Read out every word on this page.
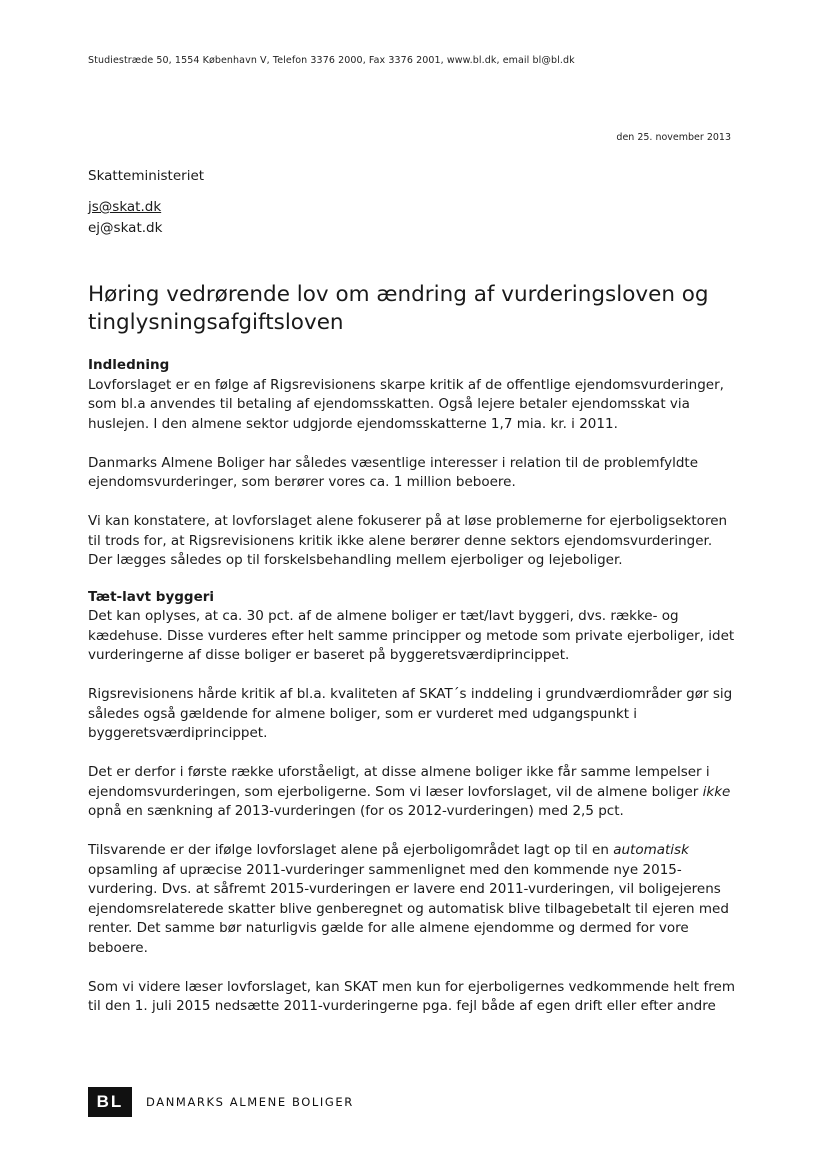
Studiestræde 50, 1554 København V, Telefon 3376 2000, Fax 3376 2001, www.bl.dk, email bl@bl.dk
den 25. november 2013
Skatteministeriet
js@skat.dk
ej@skat.dk
Høring vedrørende lov om ændring af vurderingsloven og tinglysningsafgiftsloven
Indledning

Lovforslaget er en følge af Rigsrevisionens skarpe kritik af de offentlige ejendomsvurderinger, som bl.a anvendes til betaling af ejendomsskatten. Også lejere betaler ejendomsskat via huslejen. I den almene sektor udgjorde ejendomsskatterne 1,7 mia. kr. i 2011.

Danmarks Almene Boliger har således væsentlige interesser i relation til de problemfyldte ejendomsvurderinger, som berører vores ca. 1 million beboere.

Vi kan konstatere, at lovforslaget alene fokuserer på at løse problemerne for ejerboligsektoren til trods for, at Rigsrevisionens kritik ikke alene berører denne sektors ejendomsvurderinger. Der lægges således op til forskelsbehandling mellem ejerboliger og lejeboliger.

Tæt-lavt byggeri

Det kan oplyses, at ca. 30 pct. af de almene boliger er tæt/lavt byggeri, dvs. række- og kædehuse. Disse vurderes efter helt samme principper og metode som private ejerboliger, idet vurderingerne af disse boliger er baseret på byggeretsværdiprincippet.

Rigsrevisionens hårde kritik af bl.a. kvaliteten af SKAT´s inddeling i grundværdiområder gør sig således også gældende for almene boliger, som er vurderet med udgangspunkt i byggeretsværdiprincippet.

Det er derfor i første række uforståeligt, at disse almene boliger ikke får samme lempelser i ejendomsvurderingen, som ejerboligerne. Som vi læser lovforslaget, vil de almene boliger ikke opnå en sænkning af 2013-vurderingen (for os 2012-vurderingen) med 2,5 pct.

Tilsvarende er der ifølge lovforslaget alene på ejerboligområdet lagt op til en automatisk opsamling af upræcise 2011-vurderinger sammenlignet med den kommende nye 2015-vurdering. Dvs. at såfremt 2015-vurderingen er lavere end 2011-vurderingen, vil boligejerens ejendomsrelaterede skatter blive genberegnet og automatisk blive tilbagebetalt til ejeren med renter. Det samme bør naturligvis gælde for alle almene ejendomme og dermed for vore beboere.

Som vi videre læser lovforslaget, kan SKAT men kun for ejerboligernes vedkommende helt frem til den 1. juli 2015 nedsætte 2011-vurderingerne pga. fejl både af egen drift eller efter andre

BL	DANMARKS ALMENE BOLIGER
